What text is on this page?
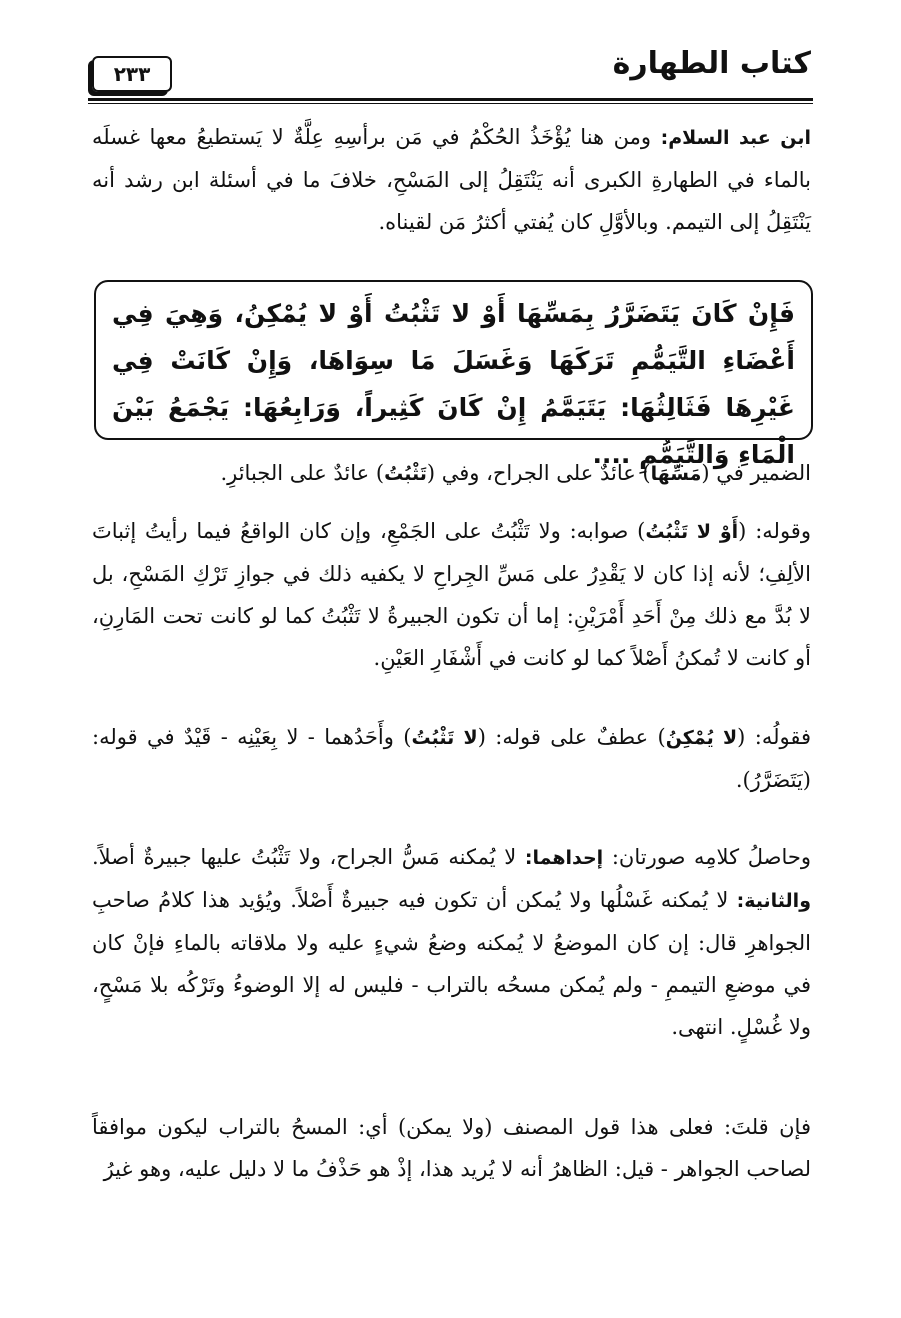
كتاب الطهارة
٢٣٣

ابن عبد السلام: ومن هنا يُؤْخَذُ الحُكْمُ في مَن برأسِهِ عِلَّةٌ لا يَستطيعُ معها غسلَه بالماء في الطهارةِ الكبرى أنه يَنْتَقِلُ إلى المَسْحِ، خلافَ ما في أسئلة ابن رشد أنه يَنْتَقِلُ إلى التيمم. وبالأوَّلِ كان يُفتي أكثرُ مَن لقيناه.

فَإِنْ كَانَ يَتَضَرَّرُ بِمَسِّهَا أَوْ لا تَثْبُتُ أَوْ لا يُمْكِنُ، وَهِيَ فِي أَعْضَاءِ التَّيَمُّمِ تَرَكَهَا وَغَسَلَ مَا سِوَاهَا، وَإِنْ كَانَتْ فِي غَيْرِهَا فَثَالِثُهَا: يَتَيَمَّمُ إِنْ كَانَ كَثِيراً، وَرَابِعُهَا: يَجْمَعُ بَيْنَ الْمَاءِ وَالتَّيَمُّمِ ....

الضمير في (مَسِّهَا) عائدٌ على الجراح، وفي (تَثْبُتُ) عائدٌ على الجبائرِ.

وقوله: (أَوْ لا تَثْبُتُ) صوابه: ولا تَثْبُتُ على الجَمْعِ، وإن كان الواقعُ فيما رأيتُ إثباتَ الألِفِ؛ لأنه إذا كان لا يَقْدِرُ على مَسِّ الجِراحِ لا يكفيه ذلك في جوازِ تَرْكِ المَسْحِ، بل لا بُدَّ مع ذلك مِنْ أَحَدِ أَمْرَيْنِ: إما أن تكون الجبيرةُ لا تَثْبُتُ كما لو كانت تحت المَارِنِ، أو كانت لا تُمكنُ أَصْلاً كما لو كانت في أَشْفَارِ العَيْنِ.

فقولُه: (لا يُمْكِنُ) عطفٌ على قوله: (لا تَثْبُتُ) وأَحَدُهما - لا بِعَيْنِه - قَيْدٌ في قوله: (يَتَضَرَّرُ).

وحاصلُ كلامِه صورتان: إحداهما: لا يُمكنه مَسُّ الجراح، ولا تَثْبُتُ عليها جبيرةٌ أصلاً. والثانية: لا يُمكنه غَسْلُها ولا يُمكن أن تكون فيه جبيرةٌ أَصْلاً. ويُؤيد هذا كلامُ صاحبِ الجواهرِ قال: إن كان الموضعُ لا يُمكنه وضعُ شيءٍ عليه ولا ملاقاته بالماءِ فإنْ كان في موضعِ التيممِ - ولم يُمكن مسحُه بالتراب - فليس له إلا الوضوءُ وتَرْكُه بلا مَسْحٍ، ولا غُسْلٍ. انتهى.

فإن قلتَ: فعلى هذا قول المصنف (ولا يمكن) أي: المسحُ بالتراب ليكون موافقاً لصاحب الجواهر - قيل: الظاهرُ أنه لا يُريد هذا، إذْ هو حَذْفُ ما لا دليل عليه، وهو غيرُ
